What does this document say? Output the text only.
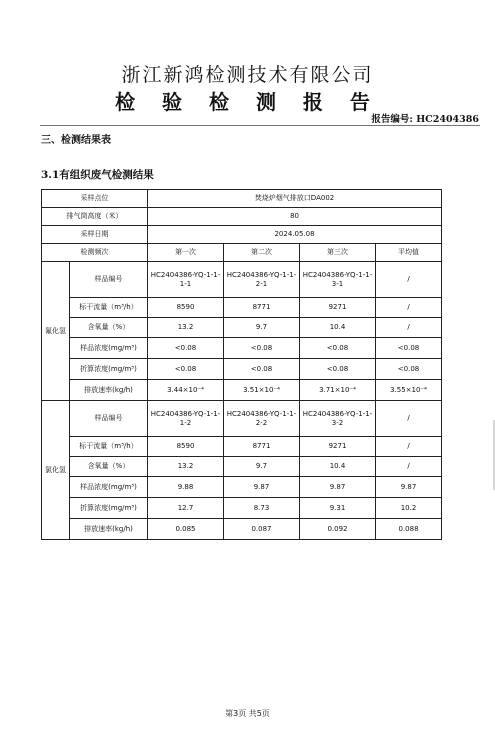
浙江新鸿检测技术有限公司
检 验 检 测 报 告
报告编号: HC2404386
三、检测结果表
3.1有组织废气检测结果
采样点位		焚烧炉烟气排放口DA002			
排气筒高度（米）		80			
采样日期		2024.05.08			
检测频次		第一次	第二次	第三次	平均值
氟化氢	样品编号	HC2404386-YQ-1-1-1-1	HC2404386-YQ-1-1-2-1	HC2404386-YQ-1-1-3-1	/
	标干流量（m³/h）	8590	8771	9271	/
	含氧量（%）	13.2	9.7	10.4	/
	样品浓度(mg/m³)	<0.08	<0.08	<0.08	<0.08
	折算浓度(mg/m³)	<0.08	<0.08	<0.08	<0.08
	排放速率(kg/h)	3.44×10⁻⁴	3.51×10⁻⁴	3.71×10⁻⁴	3.55×10⁻⁴
氯化氢	样品编号	HC2404386-YQ-1-1-1-2	HC2404386-YQ-1-1-2-2	HC2404386-YQ-1-1-3-2	/
	标干流量（m³/h）	8590	8771	9271	/
	含氧量（%）	13.2	9.7	10.4	/
	样品浓度(mg/m³)	9.88	9.87	9.87	9.87
	折算浓度(mg/m³)	12.7	8.73	9.31	10.2
	排放速率(kg/h)	0.085	0.087	0.092	0.088
第3页 共5页
